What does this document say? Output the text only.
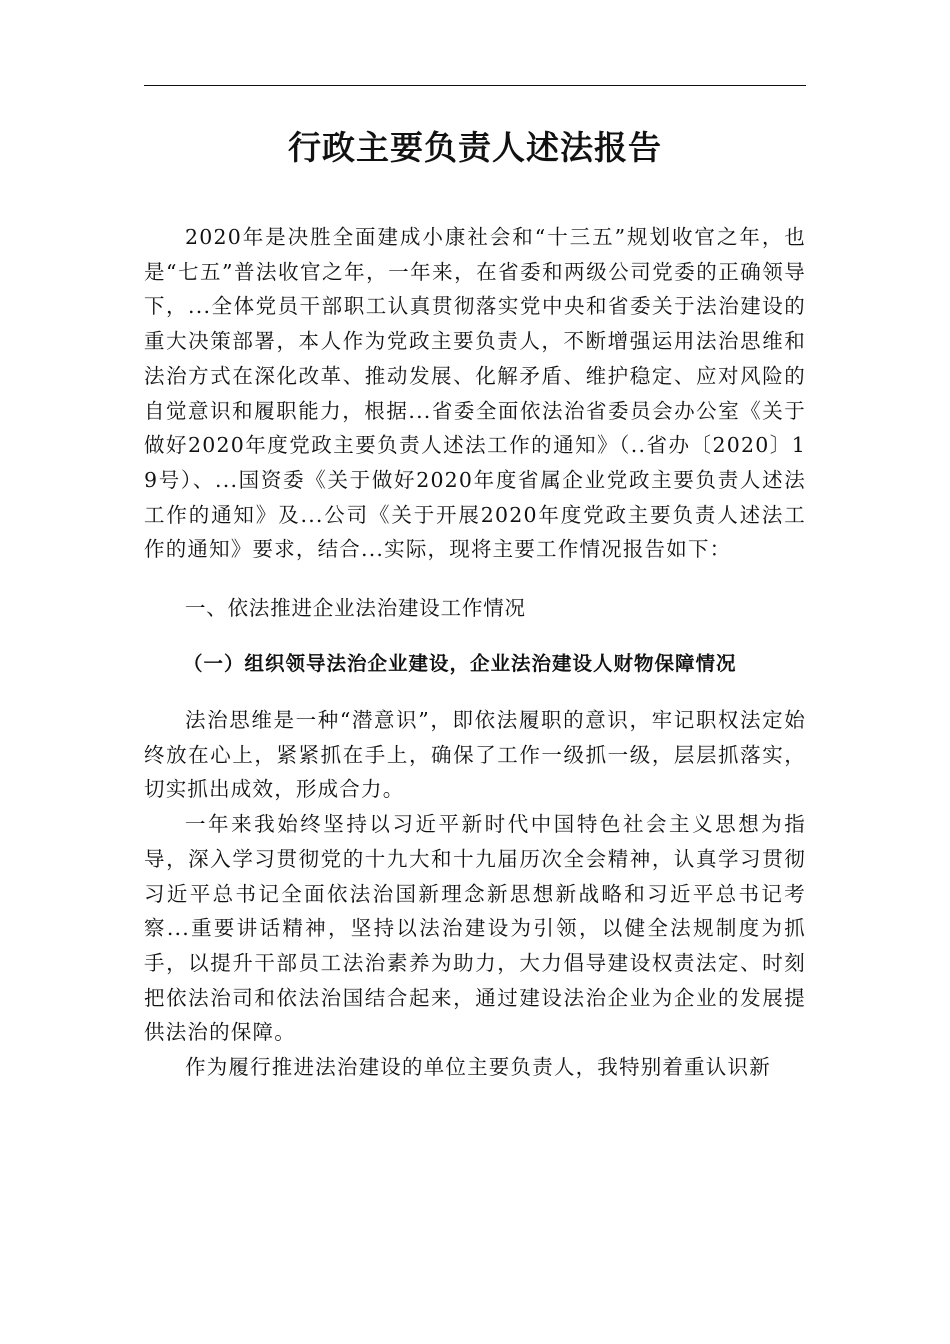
行政主要负责人述法报告

2020年是决胜全面建成小康社会和“十三五”规划收官之年，也是“七五”普法收官之年，一年来，在省委和两级公司党委的正确领导下，...全体党员干部职工认真贯彻落实党中央和省委关于法治建设的重大决策部署，本人作为党政主要负责人，不断增强运用法治思维和法治方式在深化改革、推动发展、化解矛盾、维护稳定、应对风险的自觉意识和履职能力，根据...省委全面依法治省委员会办公室《关于做好2020年度党政主要负责人述法工作的通知》（..省办〔2020〕19号）、...国资委《关于做好2020年度省属企业党政主要负责人述法工作的通知》及...公司《关于开展2020年度党政主要负责人述法工作的通知》要求，结合...实际，现将主要工作情况报告如下：

一、依法推进企业法治建设工作情况

（一）组织领导法治企业建设，企业法治建设人财物保障情况

法治思维是一种“潜意识”，即依法履职的意识，牢记职权法定始终放在心上，紧紧抓在手上，确保了工作一级抓一级，层层抓落实，切实抓出成效，形成合力。

一年来我始终坚持以习近平新时代中国特色社会主义思想为指导，深入学习贯彻党的十九大和十九届历次全会精神，认真学习贯彻习近平总书记全面依法治国新理念新思想新战略和习近平总书记考察...重要讲话精神，坚持以法治建设为引领，以健全法规制度为抓手，以提升干部员工法治素养为助力，大力倡导建设权责法定、时刻把依法治司和依法治国结合起来，通过建设法治企业为企业的发展提供法治的保障。

作为履行推进法治建设的单位主要负责人，我特别着重认识新
